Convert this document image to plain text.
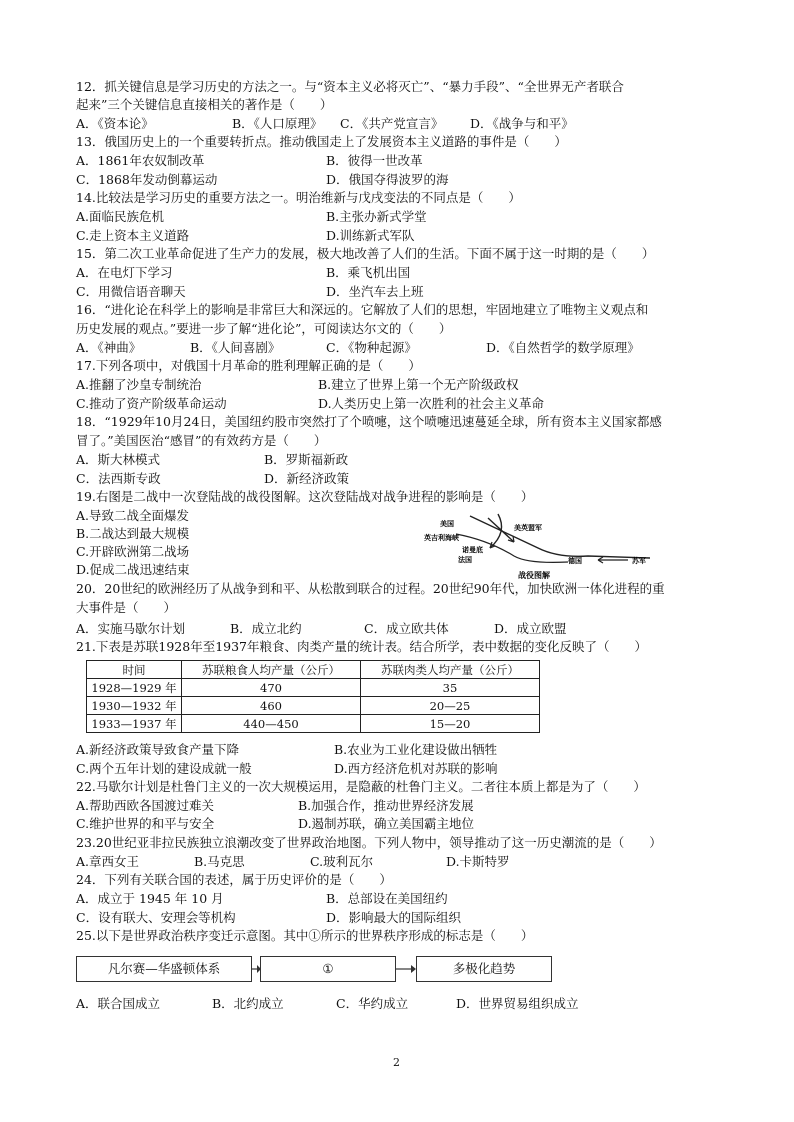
12．抓关键信息是学习历史的方法之一。与“资本主义必将灭亡”、“暴力手段”、“全世界无产者联合
起来”三个关键信息直接相关的著作是（　　）
A．《资本论》	B．《人口原理》 C．《共产党宣言》 D．《战争与和平》
13．俄国历史上的一个重要转折点。推动俄国走上了发展资本主义道路的事件是（　　）
A．1861年农奴制改革	B．彼得一世改革
C．1868年发动倒幕运动	D．俄国夺得波罗的海
14.比较法是学习历史的重要方法之一。明治维新与戊戌变法的不同点是（　　）
A.面临民族危机	B.主张办新式学堂
C.走上资本主义道路	D.训练新式军队
15．第二次工业革命促进了生产力的发展，极大地改善了人们的生活。下面不属于这一时期的是（　　）
A．在电灯下学习	B．乘飞机出国
C．用微信语音聊天	D．坐汽车去上班
16．“进化论在科学上的影响是非常巨大和深远的。它解放了人们的思想，牢固地建立了唯物主义观点和
历史发展的观点。”要进一步了解“进化论”，可阅读达尔文的（　　）
A．《神曲》	B．《人间喜剧》	C．《物种起源》	D．《自然哲学的数学原理》
17.下列各项中，对俄国十月革命的胜利理解正确的是（　　）
A.推翻了沙皇专制统治	B.建立了世界上第一个无产阶级政权
C.推动了资产阶级革命运动	D.人类历史上第一次胜利的社会主义革命
18．“1929年10月24日，美国纽约股市突然打了个喷嚏，这个喷嚏迅速蔓延全球，所有资本主义国家都感
冒了。”美国医治“感冒”的有效药方是（　　）
A．斯大林模式	B．罗斯福新政
C．法西斯专政	D．新经济政策
19.右图是二战中一次登陆战的战役图解。这次登陆战对战争进程的影响是（　　）
A.导致二战全面爆发
B.二战达到最大规模
C.开辟欧洲第二战场
D.促成二战迅速结束
美国	美英盟军
英吉利海峡
诺曼底
法国	德国	苏军
战役图解
20．20世纪的欧洲经历了从战争到和平、从松散到联合的过程。20世纪90年代，加快欧洲一体化进程的重
大事件是（　　）
A．实施马歇尔计划	B．成立北约	C．成立欧共体	D．成立欧盟
21.下表是苏联1928年至1937年粮食、肉类产量的统计表。结合所学，表中数据的变化反映了（　　）
时间	苏联粮食人均产量（公斤）	苏联肉类人均产量（公斤）
1928—1929 年	470	35
1930—1932 年	460	20—25
1933—1937 年	440—450	15—20
A.新经济政策导致食产量下降	B.农业为工业化建设做出牺牲
C.两个五年计划的建设成就一般	D.西方经济危机对苏联的影响
22.马歇尔计划是杜鲁门主义的一次大规模运用，是隐蔽的杜鲁门主义。二者往本质上都是为了（　　）
A.帮助西欧各国渡过难关	B.加强合作，推动世界经济发展
C.维护世界的和平与安全	D.遏制苏联，确立美国霸主地位
23.20世纪亚非拉民族独立浪潮改变了世界政治地图。下列人物中，领导推动了这一历史潮流的是（　　）
A.章西女王	B.马克思	C.玻利瓦尔	D.卡斯特罗
24．下列有关联合国的表述，属于历史评价的是（　　）
A．成立于 1945 年 10 月	B．总部设在美国纽约
C．设有联大、安理会等机构	D．影响最大的国际组织
25.以下是世界政治秩序变迁示意图。其中①所示的世界秩序形成的标志是（　　）
凡尔赛—华盛顿体系	①	多极化趋势
A．联合国成立	B．北约成立	C．华约成立	D．世界贸易组织成立
2
